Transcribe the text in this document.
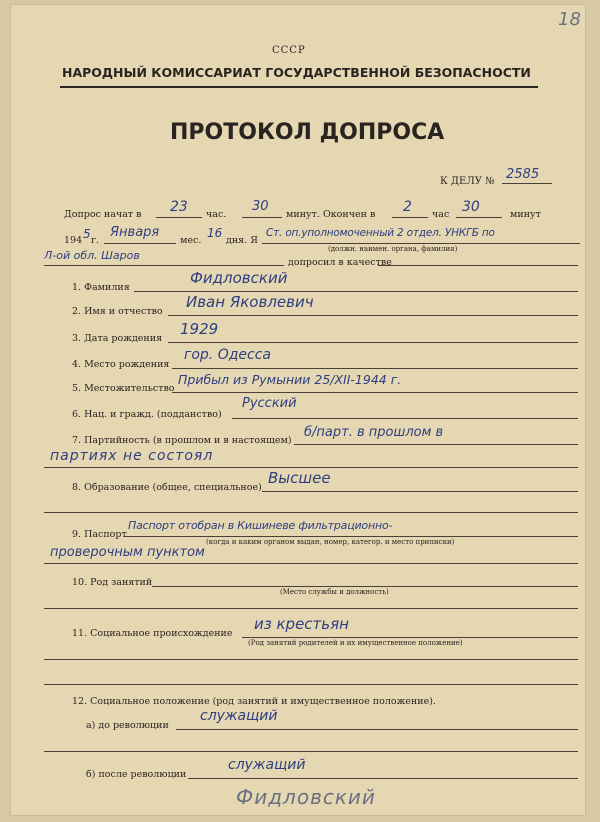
18
СССР
НАРОДНЫЙ КОМИССАРИАТ ГОСУДАРСТВЕННОЙ БЕЗОПАСНОСТИ
ПРОТОКОЛ ДОПРОСА
К ДЕЛУ № 2585
Допрос начат в 23 час.
30
минут. Окончен в 2 час 30	минут
194 5 г.
Января
мес.
16
дня. Я
Ст. оп.уполномоченный 2 отдел. УНКГБ по
(должн. наимен. органа, фамилия)
Л-ой обл. Шаров
допросил в качестве
1. Фамилия
Фидловский
2. Имя и отчество
Иван Яковлевич
3. Дата рождения
1929
4. Место рождения
гор. Одесса
5. Местожительство
Прибыл из Румынии 25/XII-1944 г.
6. Нац. и гражд. (подданство)
Русский
7. Партийность (в прошлом и в настоящем)
б/парт. в прошлом в
партиях не состоял
8. Образование (общее, специальное)
Высшее
9. Паспорт
Паспорт отобран в Кишиневе фильтрационно-
(когда и каким органом выдан, номер, категор. и место приписки)
проверочным пунктом
10. Род занятий
(Место службы и должность)
11. Социальное происхождение
из крестьян
(Род занятий родителей и их имущественное положение)
12. Социальное положение (род занятий и имущественное положение).
а) до революции
служащий
б) после революции
служащий
Фидловский
